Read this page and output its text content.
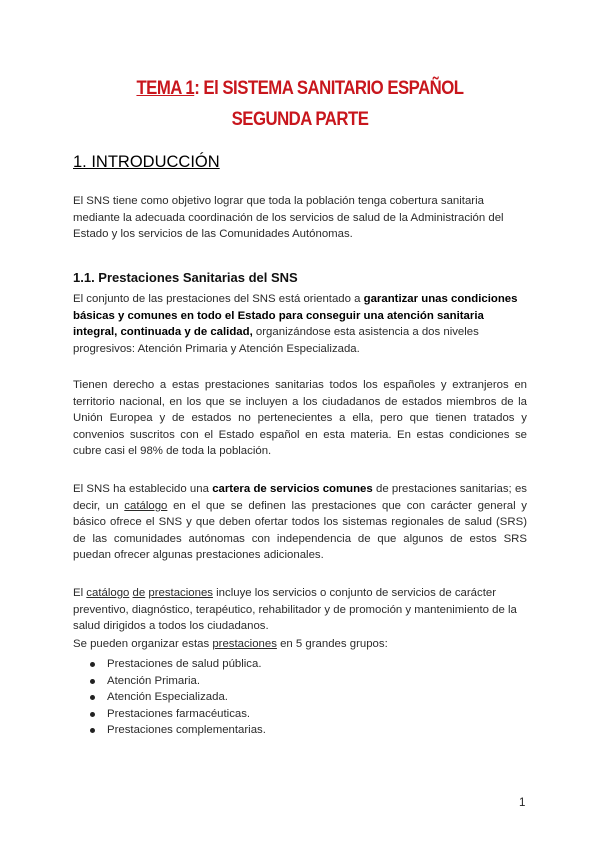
TEMA 1: El SISTEMA SANITARIO ESPAÑOL
SEGUNDA PARTE
1. INTRODUCCIÓN

El SNS tiene como objetivo lograr que toda la población tenga cobertura sanitaria mediante la adecuada coordinación de los servicios de salud de la Administración del Estado y los servicios de las Comunidades Autónomas.

1.1. Prestaciones Sanitarias del SNS

El conjunto de las prestaciones del SNS está orientado a garantizar unas condiciones básicas y comunes en todo el Estado para conseguir una atención sanitaria integral, continuada y de calidad, organizándose esta asistencia a dos niveles progresivos: Atención Primaria y Atención Especializada.

Tienen derecho a estas prestaciones sanitarias todos los españoles y extranjeros en territorio nacional, en los que se incluyen a los ciudadanos de estados miembros de la Unión Europea y de estados no pertenecientes a ella, pero que tienen tratados y convenios suscritos con el Estado español en esta materia. En estas condiciones se cubre casi el 98% de toda la población.

El SNS ha establecido una cartera de servicios comunes de prestaciones sanitarias; es decir, un catálogo en el que se definen las prestaciones que con carácter general y básico ofrece el SNS y que deben ofertar todos los sistemas regionales de salud (SRS) de las comunidades autónomas con independencia de que algunos de estos SRS puedan ofrecer algunas prestaciones adicionales.

El catálogo de prestaciones incluye los servicios o conjunto de servicios de carácter preventivo, diagnóstico, terapéutico, rehabilitador y de promoción y mantenimiento de la salud dirigidos a todos los ciudadanos.

Se pueden organizar estas prestaciones en 5 grandes grupos:

Prestaciones de salud pública.
Atención Primaria.
Atención Especializada.
Prestaciones farmacéuticas.
Prestaciones complementarias.
1
